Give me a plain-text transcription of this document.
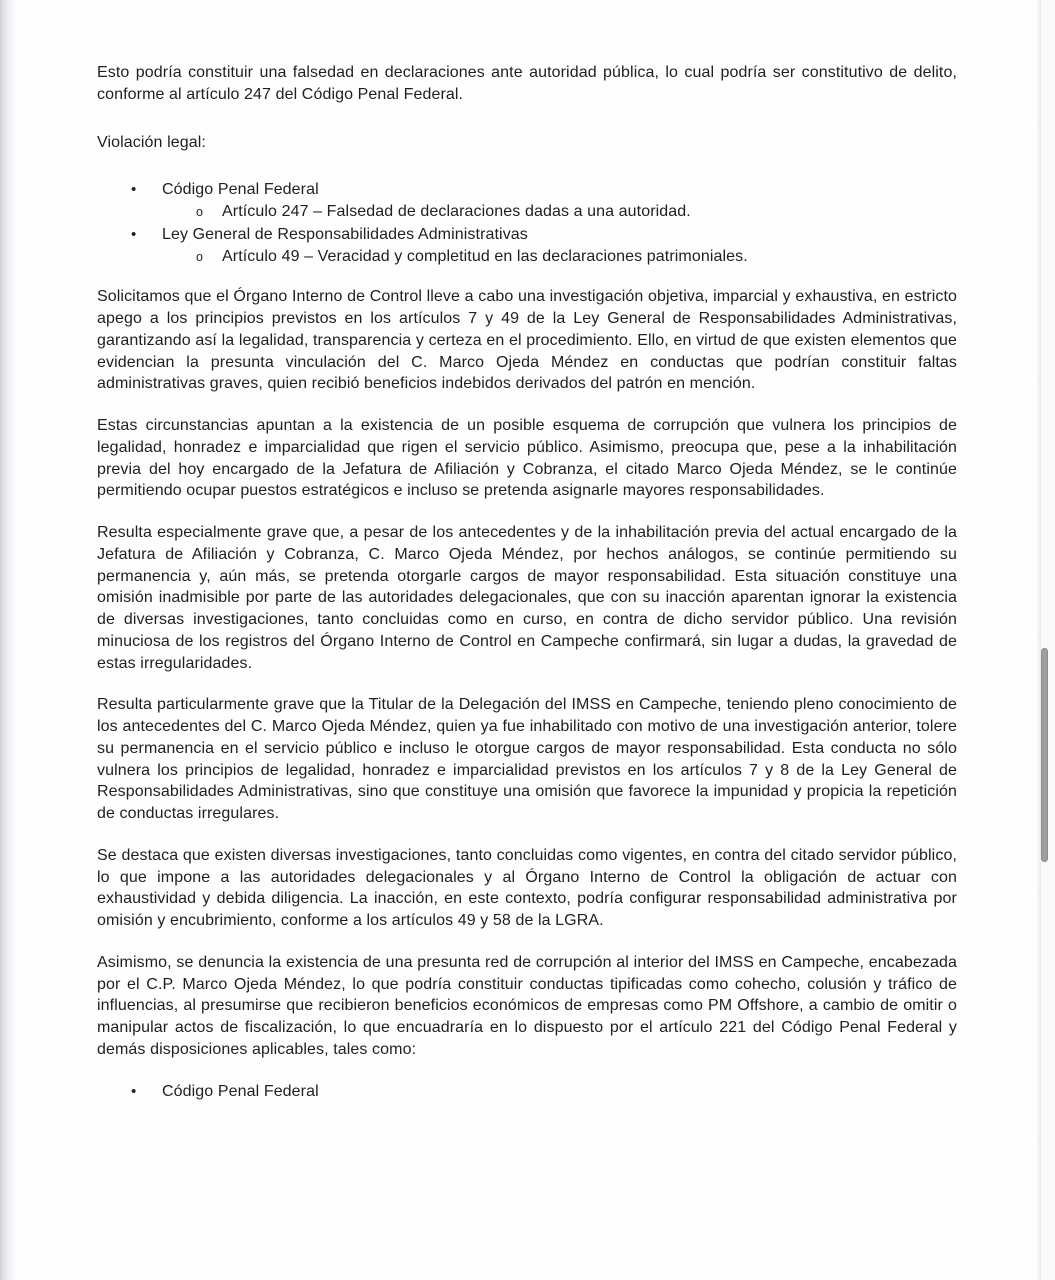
Esto podría constituir una falsedad en declaraciones ante autoridad pública, lo cual podría ser constitutivo de delito, conforme al artículo 247 del Código Penal Federal.

Violación legal:

•	Código Penal Federal
o	Artículo 247 – Falsedad de declaraciones dadas a una autoridad.
•	Ley General de Responsabilidades Administrativas
o	Artículo 49 – Veracidad y completitud en las declaraciones patrimoniales.

Solicitamos que el Órgano Interno de Control lleve a cabo una investigación objetiva, imparcial y exhaustiva, en estricto apego a los principios previstos en los artículos 7 y 49 de la Ley General de Responsabilidades Administrativas, garantizando así la legalidad, transparencia y certeza en el procedimiento. Ello, en virtud de que existen elementos que evidencian la presunta vinculación del C. Marco Ojeda Méndez en conductas que podrían constituir faltas administrativas graves, quien recibió beneficios indebidos derivados del patrón en mención.

Estas circunstancias apuntan a la existencia de un posible esquema de corrupción que vulnera los principios de legalidad, honradez e imparcialidad que rigen el servicio público. Asimismo, preocupa que, pese a la inhabilitación previa del hoy encargado de la Jefatura de Afiliación y Cobranza, el citado Marco Ojeda Méndez, se le continúe permitiendo ocupar puestos estratégicos e incluso se pretenda asignarle mayores responsabilidades.

Resulta especialmente grave que, a pesar de los antecedentes y de la inhabilitación previa del actual encargado de la Jefatura de Afiliación y Cobranza, C. Marco Ojeda Méndez, por hechos análogos, se continúe permitiendo su permanencia y, aún más, se pretenda otorgarle cargos de mayor responsabilidad. Esta situación constituye una omisión inadmisible por parte de las autoridades delegacionales, que con su inacción aparentan ignorar la existencia de diversas investigaciones, tanto concluidas como en curso, en contra de dicho servidor público. Una revisión minuciosa de los registros del Órgano Interno de Control en Campeche confirmará, sin lugar a dudas, la gravedad de estas irregularidades.

Resulta particularmente grave que la Titular de la Delegación del IMSS en Campeche, teniendo pleno conocimiento de los antecedentes del C. Marco Ojeda Méndez, quien ya fue inhabilitado con motivo de una investigación anterior, tolere su permanencia en el servicio público e incluso le otorgue cargos de mayor responsabilidad. Esta conducta no sólo vulnera los principios de legalidad, honradez e imparcialidad previstos en los artículos 7 y 8 de la Ley General de Responsabilidades Administrativas, sino que constituye una omisión que favorece la impunidad y propicia la repetición de conductas irregulares.

Se destaca que existen diversas investigaciones, tanto concluidas como vigentes, en contra del citado servidor público, lo que impone a las autoridades delegacionales y al Órgano Interno de Control la obligación de actuar con exhaustividad y debida diligencia. La inacción, en este contexto, podría configurar responsabilidad administrativa por omisión y encubrimiento, conforme a los artículos 49 y 58 de la LGRA.

Asimismo, se denuncia la existencia de una presunta red de corrupción al interior del IMSS en Campeche, encabezada por el C.P. Marco Ojeda Méndez, lo que podría constituir conductas tipificadas como cohecho, colusión y tráfico de influencias, al presumirse que recibieron beneficios económicos de empresas como PM Offshore, a cambio de omitir o manipular actos de fiscalización, lo que encuadraría en lo dispuesto por el artículo 221 del Código Penal Federal y demás disposiciones aplicables, tales como:

•	Código Penal Federal
